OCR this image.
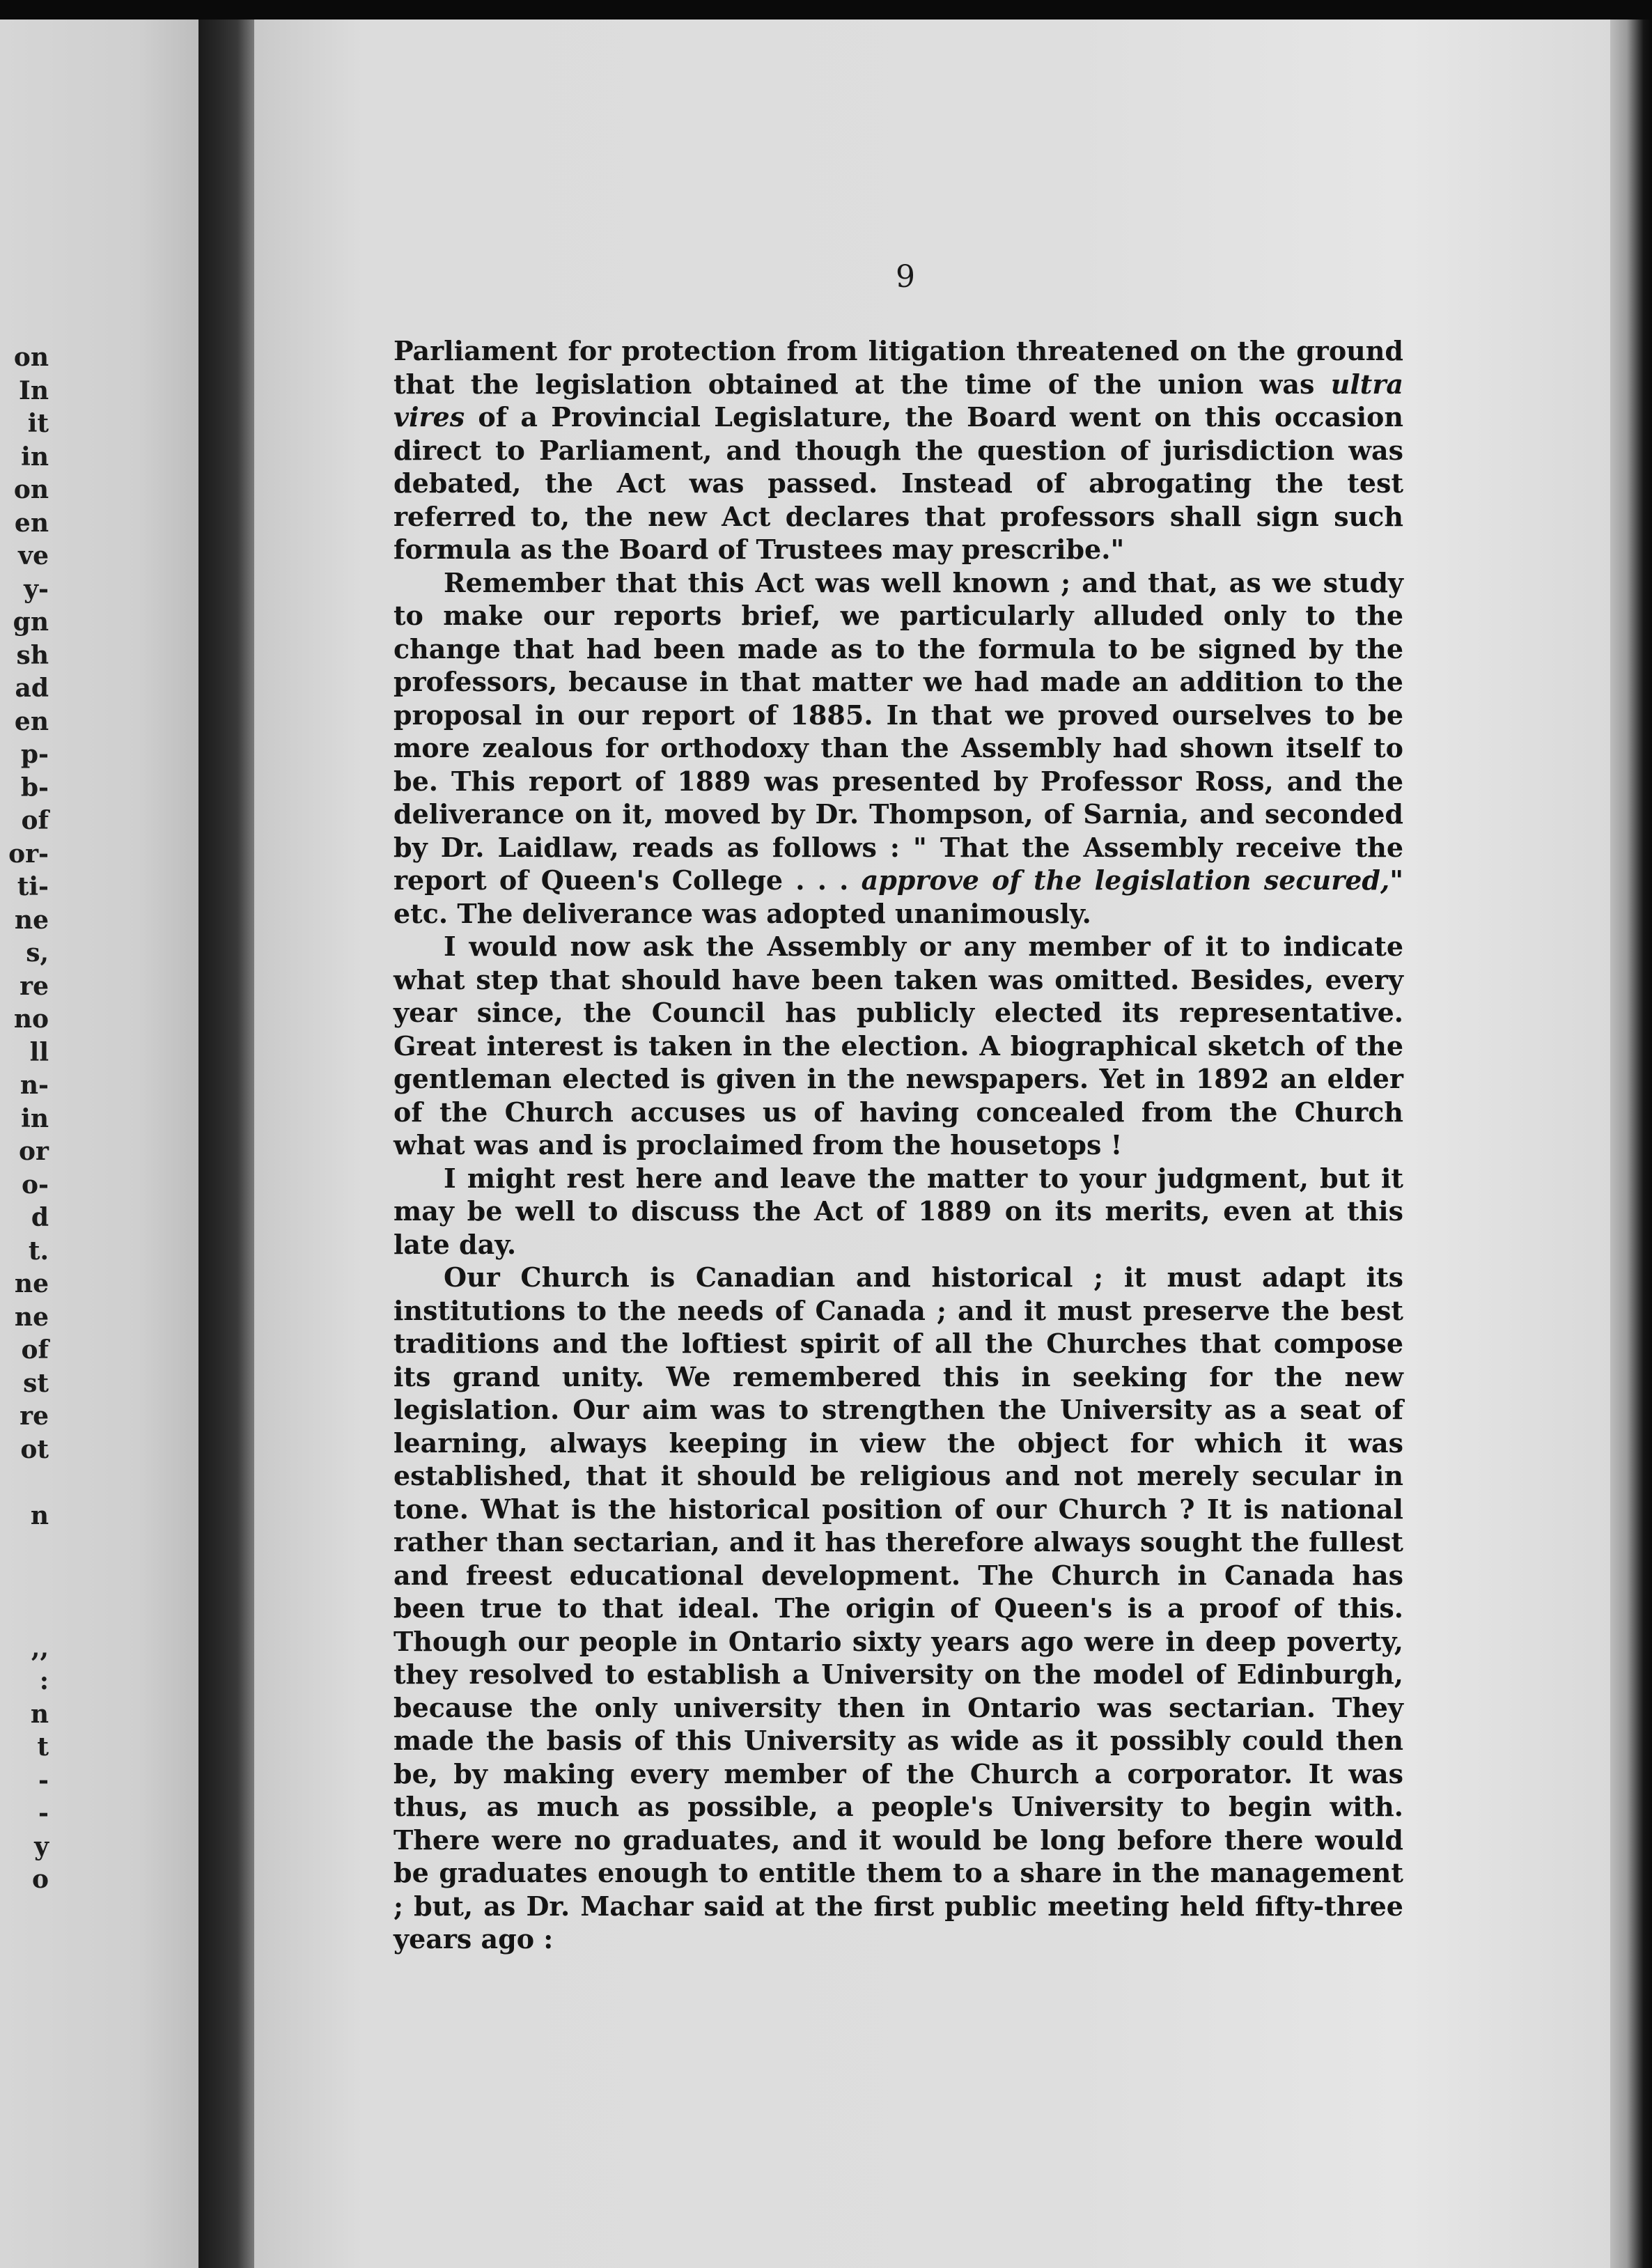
on
In
it
in
on
en
ve
y-
gn
sh
ad
en
p-
b-
of
or-
ti-
ne
s,
re
no
ll
n-
in
or
o-
d
t.
ne
ne
of
st
re
ot
n
,,
:
n
t
-
-
y
o
9

Parliament for protection from litigation threatened on the ground that the legislation obtained at the time of the union was ultra vires of a Provincial Legislature, the Board went on this occasion direct to Parliament, and though the question of jurisdiction was debated, the Act was passed. Instead of abrogating the test referred to, the new Act declares that professors shall sign such formula as the Board of Trustees may prescribe."

Remember that this Act was well known ; and that, as we study to make our reports brief, we particularly alluded only to the change that had been made as to the formula to be signed by the professors, because in that matter we had made an addition to the proposal in our report of 1885. In that we proved ourselves to be more zealous for orthodoxy than the Assembly had shown itself to be. This report of 1889 was presented by Professor Ross, and the deliverance on it, moved by Dr. Thompson, of Sarnia, and seconded by Dr. Laidlaw, reads as follows : " That the Assembly receive the report of Queen's College . . . approve of the legislation secured," etc. The deliverance was adopted unanimously.

I would now ask the Assembly or any member of it to indicate what step that should have been taken was omitted. Besides, every year since, the Council has publicly elected its representative. Great interest is taken in the election. A biographical sketch of the gentleman elected is given in the newspapers. Yet in 1892 an elder of the Church accuses us of having concealed from the Church what was and is proclaimed from the housetops !

I might rest here and leave the matter to your judgment, but it may be well to discuss the Act of 1889 on its merits, even at this late day.

Our Church is Canadian and historical ; it must adapt its institutions to the needs of Canada ; and it must preserve the best traditions and the loftiest spirit of all the Churches that compose its grand unity. We remembered this in seeking for the new legislation. Our aim was to strengthen the University as a seat of learning, always keeping in view the object for which it was established, that it should be religious and not merely secular in tone. What is the historical position of our Church ? It is national rather than sectarian, and it has therefore always sought the fullest and freest educational development. The Church in Canada has been true to that ideal. The origin of Queen's is a proof of this. Though our people in Ontario sixty years ago were in deep poverty, they resolved to establish a University on the model of Edinburgh, because the only university then in Ontario was sectarian. They made the basis of this University as wide as it possibly could then be, by making every member of the Church a corporator. It was thus, as much as possible, a people's University to begin with. There were no graduates, and it would be long before there would be graduates enough to entitle them to a share in the management ; but, as Dr. Machar said at the first public meeting held fifty-three years ago :
